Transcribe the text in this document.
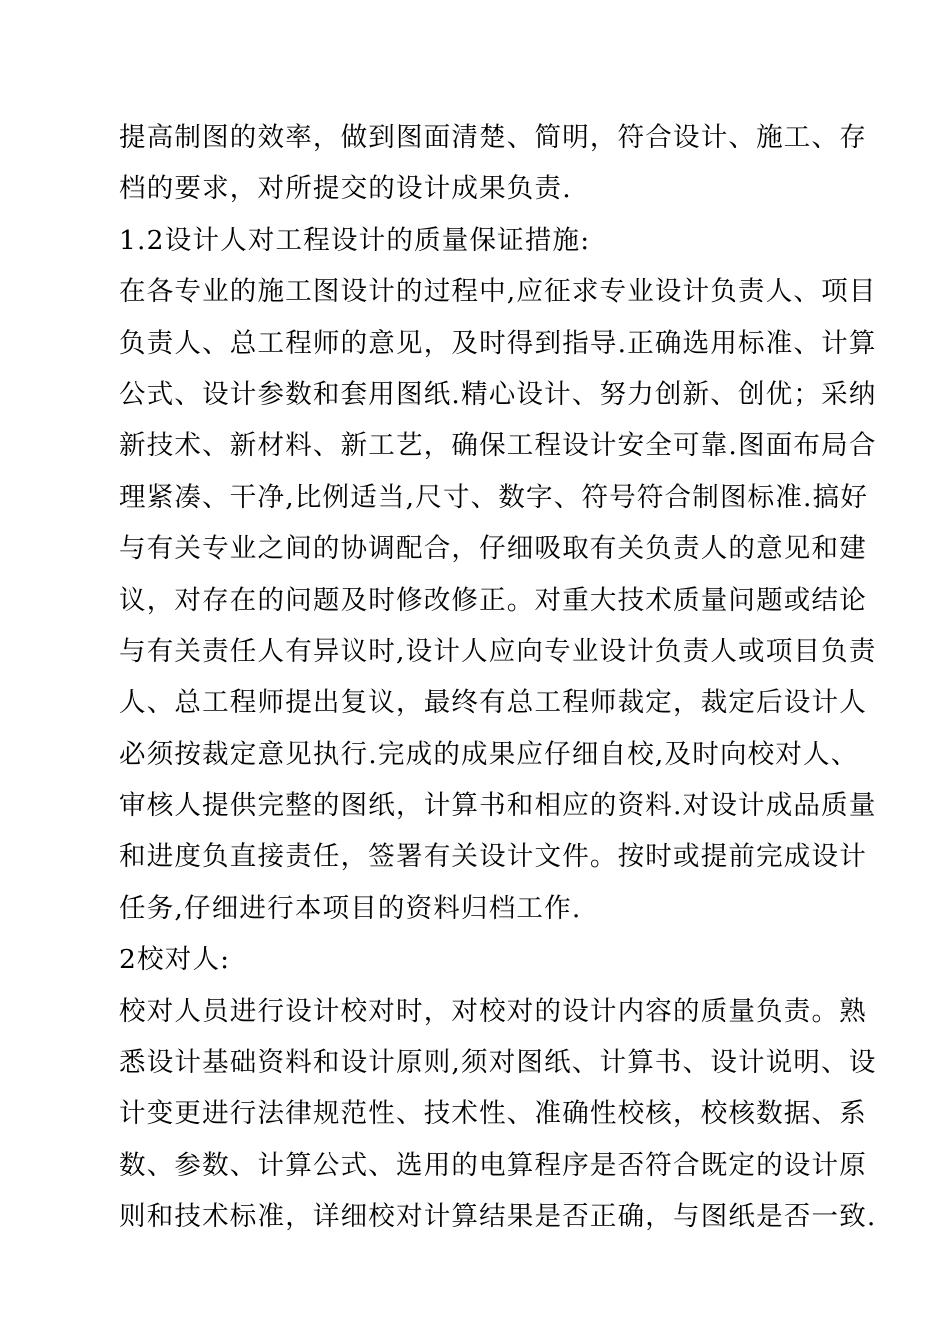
提高制图的效率，做到图面清楚、简明，符合设计、施工、存
档的要求，对所提交的设计成果负责.
1.2设计人对工程设计的质量保证措施:
在各专业的施工图设计的过程中,应征求专业设计负责人、项目
负责人、总工程师的意见，及时得到指导.正确选用标准、计算
公式、设计参数和套用图纸.精心设计、努力创新、创优；采纳
新技术、新材料、新工艺，确保工程设计安全可靠.图面布局合
理紧凑、干净,比例适当,尺寸、数字、符号符合制图标准.搞好
与有关专业之间的协调配合，仔细吸取有关负责人的意见和建
议，对存在的问题及时修改修正。对重大技术质量问题或结论
与有关责任人有异议时,设计人应向专业设计负责人或项目负责
人、总工程师提出复议，最终有总工程师裁定，裁定后设计人
必须按裁定意见执行.完成的成果应仔细自校,及时向校对人、
审核人提供完整的图纸，计算书和相应的资料.对设计成品质量
和进度负直接责任，签署有关设计文件。按时或提前完成设计
任务,仔细进行本项目的资料归档工作.
2校对人:
校对人员进行设计校对时，对校对的设计内容的质量负责。熟
悉设计基础资料和设计原则,须对图纸、计算书、设计说明、设
计变更进行法律规范性、技术性、准确性校核，校核数据、系
数、参数、计算公式、选用的电算程序是否符合既定的设计原
则和技术标准，详细校对计算结果是否正确，与图纸是否一致.
